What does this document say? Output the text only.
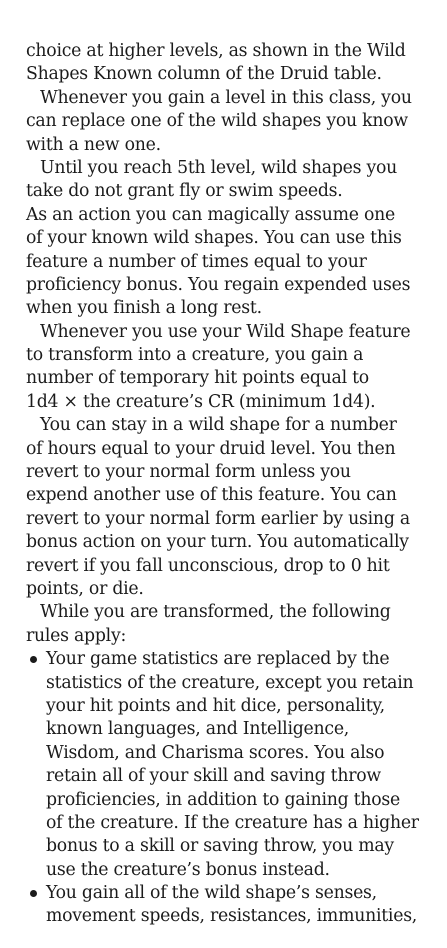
choice at higher levels, as shown in the Wild
Shapes Known column of the Druid table.
Whenever you gain a level in this class, you
can replace one of the wild shapes you know
with a new one.
Until you reach 5th level, wild shapes you
take do not grant fly or swim speeds.
As an action you can magically assume one
of your known wild shapes. You can use this
feature a number of times equal to your
proficiency bonus. You regain expended uses
when you finish a long rest.
Whenever you use your Wild Shape feature
to transform into a creature, you gain a
number of temporary hit points equal to
1d4 × the creature’s CR (minimum 1d4).
You can stay in a wild shape for a number
of hours equal to your druid level. You then
revert to your normal form unless you
expend another use of this feature. You can
revert to your normal form earlier by using a
bonus action on your turn. You automatically
revert if you fall unconscious, drop to 0 hit
points, or die.
While you are transformed, the following
rules apply:
Your game statistics are replaced by the
statistics of the creature, except you retain
your hit points and hit dice, personality,
known languages, and Intelligence,
Wisdom, and Charisma scores. You also
retain all of your skill and saving throw
proficiencies, in addition to gaining those
of the creature. If the creature has a higher
bonus to a skill or saving throw, you may
use the creature’s bonus instead.
You gain all of the wild shape’s senses,
movement speeds, resistances, immunities,
